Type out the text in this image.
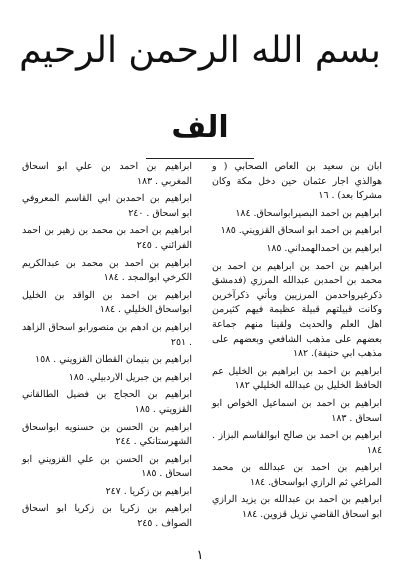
بسم الله الرحمن الرحيم
الف

ابان بن سعيد بن العاص الصحابي ( و هوالذي اجار عثمان حين دخل مكة وكان مشركا بعد) . ١٦

ابراهيم بن احمد البصيرابواسحاق. ١٨٤

ابراهيم بن احمد ابو اسحاق القزويني. ١٨٥

ابراهيم بن احمدالهمداني. ١٨٥

ابراهيم بن احمد بن ابراهيم بن احمد بن محمد بن احمدبن عبدالله المرزي (فدمشق ذكرغيرواحدمن المرزيين وبأتي ذكرآخرين وكانت قبيلتهم قبيلة عظيمة فيهم كثيرمن اهل العلم والحديث ولقينا منهم جماعة بعضهم على مذهب الشافعي وبعضهم على مذهب ابي حنيفة). ١٨٢

ابراهيم بن احمد بن ابراهيم بن الخليل عم الحافظ الخليل بن عبدالله الخليلي ١٨٢

ابراهيم بن احمد بن اسماعيل الخواص ابو اسحاق . ١٨٣

ابراهيم بن احمد بن صالح ابوالقاسم البزاز . ١٨٤

ابراهيم بن احمد بن عبدالله بن محمد المراغي ثم الرازي ابواسحاق. ١٨٤

ابراهيم بن احمد بن عبدالله بن يزيد الرازي ابو اسحاق القاضي نزيل قزوين. ١٨٤

ابراهيم بن احمد بن علي ابو اسحاق المغربي . ١٨٣

ابراهيم بن احمدبن ابي القاسم المعروفي ابو اسحاق . ٢٤٠

ابراهيم بن احمد بن محمد بن زهير بن احمد الفرائني . ٢٤٥

ابراهيم بن احمد بن محمد بن عبدالكريم الكرخي ابوالمجد . ١٨٤

ابراهيم بن احمد بن الواقد بن الخليل ابواسحاق الخليلي . ١٨٤

ابراهيم بن ادهم بن منصورابو اسحاق الزاهد . ٢٥١

ابراهيم بن بنيمان القطان القزويني . ١٥٨

ابراهيم بن جبريل الاردبيلي. ١٨٥

ابراهيم بن الحجاج بن فضيل الطالقاني القزويني . ١٨٥

ابراهيم بن الحسن بن حسنويه ابواسحاق الشهرستانكي . ٢٤٤

ابراهيم بن الحسن بن علي القزويني ابو اسحاق . ١٨٥

ابراهيم بن زكريا . ٢٤٧

ابراهيم بن زكريا بن زكريا ابو اسحاق الصواف . ٢٤٥

١
